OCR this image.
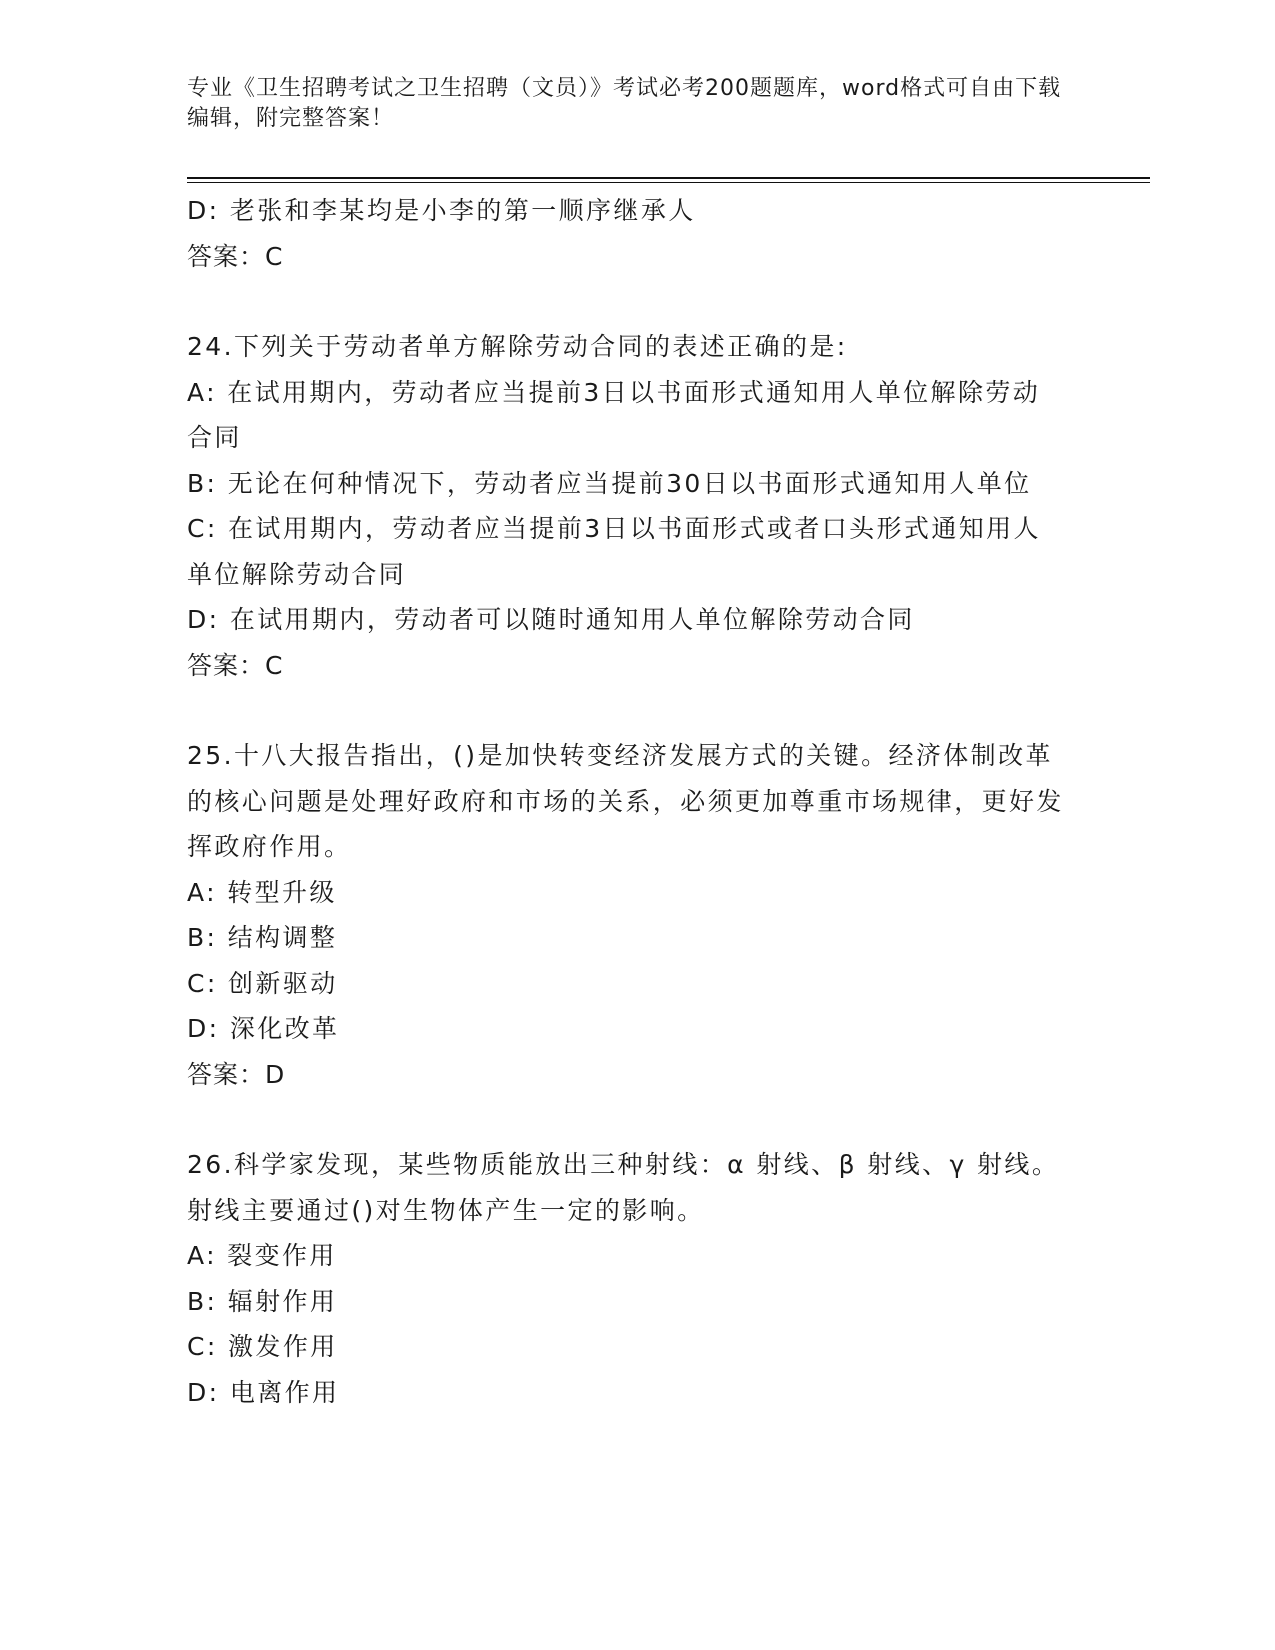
专业《卫生招聘考试之卫生招聘（文员）》考试必考200题题库，word格式可自由下载编辑，附完整答案！

D: 老张和李某均是小李的第一顺序继承人

答案：C

24.下列关于劳动者单方解除劳动合同的表述正确的是:

A: 在试用期内，劳动者应当提前3日以书面形式通知用人单位解除劳动合同

B: 无论在何种情况下，劳动者应当提前30日以书面形式通知用人单位

C: 在试用期内，劳动者应当提前3日以书面形式或者口头形式通知用人单位解除劳动合同

D: 在试用期内，劳动者可以随时通知用人单位解除劳动合同

答案：C

25.十八大报告指出，()是加快转变经济发展方式的关键。经济体制改革的核心问题是处理好政府和市场的关系，必须更加尊重市场规律，更好发挥政府作用。

A: 转型升级

B: 结构调整

C: 创新驱动

D: 深化改革

答案：D

26.科学家发现，某些物质能放出三种射线：α 射线、β 射线、γ 射线。射线主要通过()对生物体产生一定的影响。

A: 裂变作用

B: 辐射作用

C: 激发作用

D: 电离作用
